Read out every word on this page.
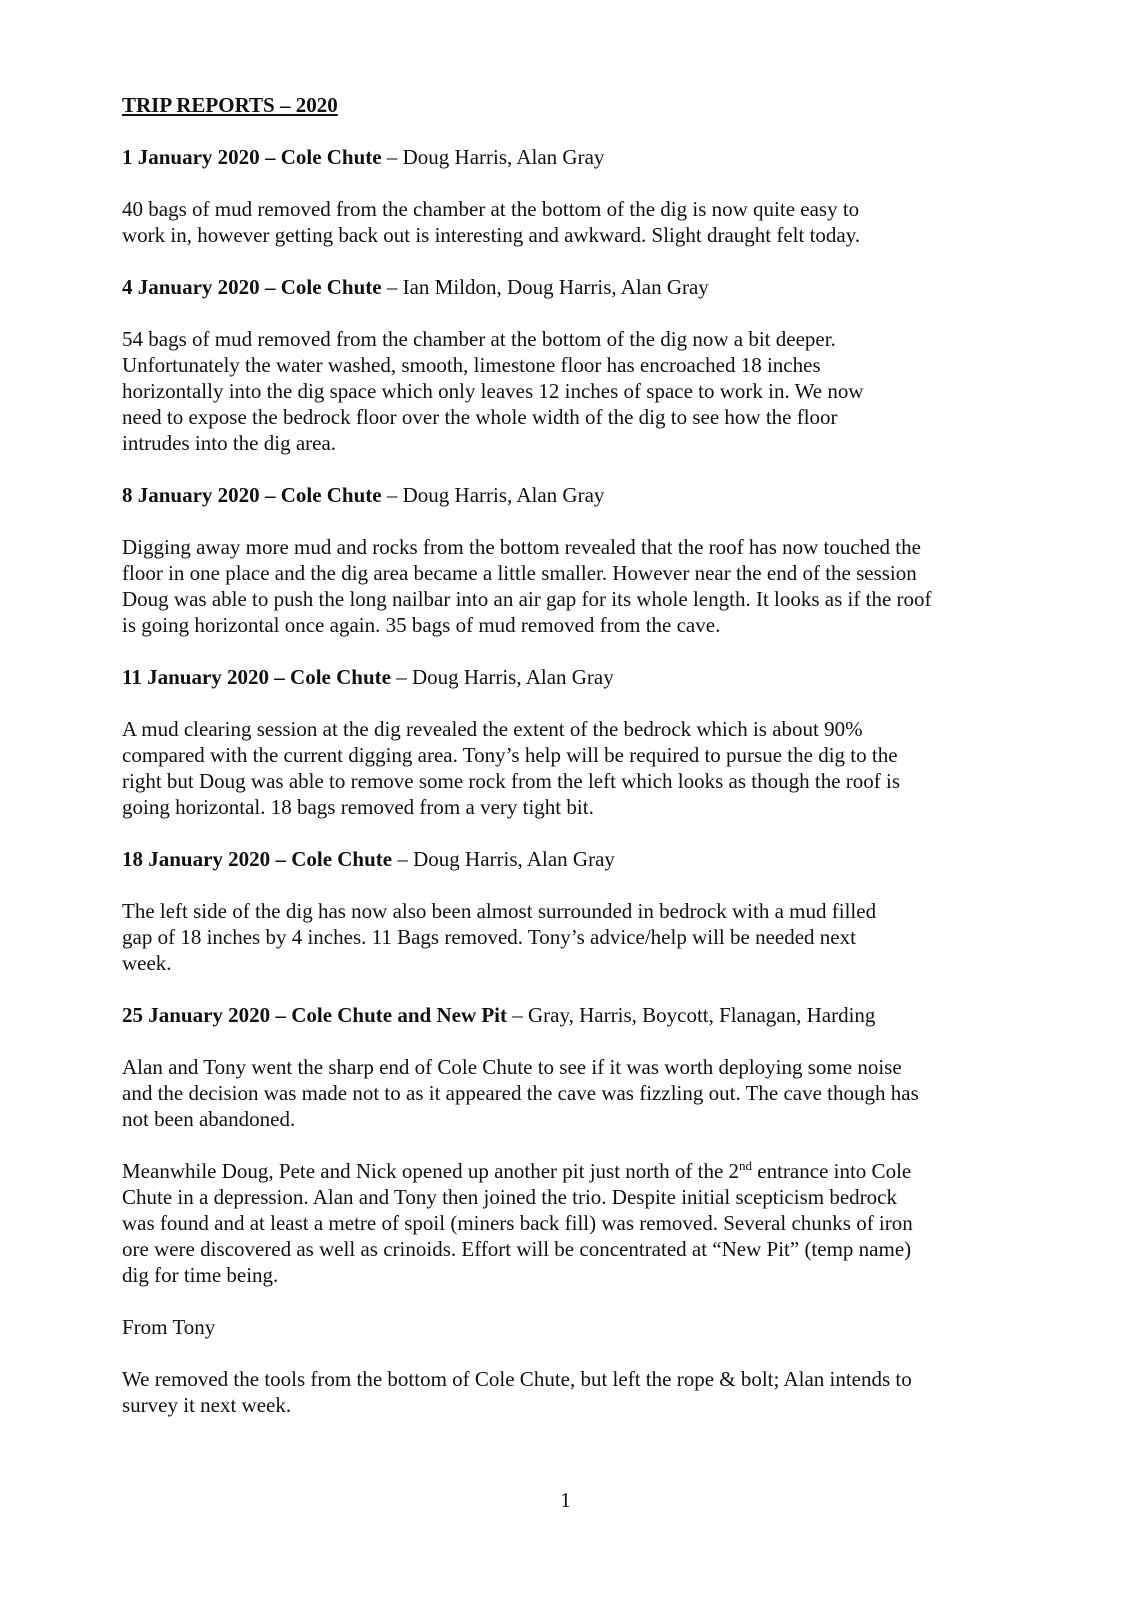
TRIP REPORTS – 2020
1 January 2020 – Cole Chute – Doug Harris, Alan Gray
40 bags of mud removed from the chamber at the bottom of the dig is now quite easy to
work in, however getting back out is interesting and awkward. Slight draught felt today.
4 January 2020 – Cole Chute – Ian Mildon, Doug Harris, Alan Gray
54 bags of mud removed from the chamber at the bottom of the dig now a bit deeper.
Unfortunately the water washed, smooth, limestone floor has encroached 18 inches
horizontally into the dig space which only leaves 12 inches of space to work in. We now
need to expose the bedrock floor over the whole width of the dig to see how the floor
intrudes into the dig area.
8 January 2020 – Cole Chute – Doug Harris, Alan Gray
Digging away more mud and rocks from the bottom revealed that the roof has now touched the
floor in one place and the dig area became a little smaller. However near the end of the session
Doug was able to push the long nailbar into an air gap for its whole length. It looks as if the roof
is going horizontal once again. 35 bags of mud removed from the cave.
11 January 2020 – Cole Chute – Doug Harris, Alan Gray
A mud clearing session at the dig revealed the extent of the bedrock which is about 90%
compared with the current digging area. Tony’s help will be required to pursue the dig to the
right but Doug was able to remove some rock from the left which looks as though the roof is
going horizontal. 18 bags removed from a very tight bit.
18 January 2020 – Cole Chute – Doug Harris, Alan Gray
The left side of the dig has now also been almost surrounded in bedrock with a mud filled
gap of 18 inches by 4 inches. 11 Bags removed. Tony’s advice/help will be needed next
week.
25 January 2020 – Cole Chute and New Pit – Gray, Harris, Boycott, Flanagan, Harding
Alan and Tony went the sharp end of Cole Chute to see if it was worth deploying some noise
and the decision was made not to as it appeared the cave was fizzling out. The cave though has
not been abandoned.
Meanwhile Doug, Pete and Nick opened up another pit just north of the 2nd entrance into Cole
Chute in a depression. Alan and Tony then joined the trio. Despite initial scepticism bedrock
was found and at least a metre of spoil (miners back fill) was removed. Several chunks of iron
ore were discovered as well as crinoids. Effort will be concentrated at “New Pit” (temp name)
dig for time being.
From Tony
We removed the tools from the bottom of Cole Chute, but left the rope & bolt; Alan intends to
survey it next week.
1
